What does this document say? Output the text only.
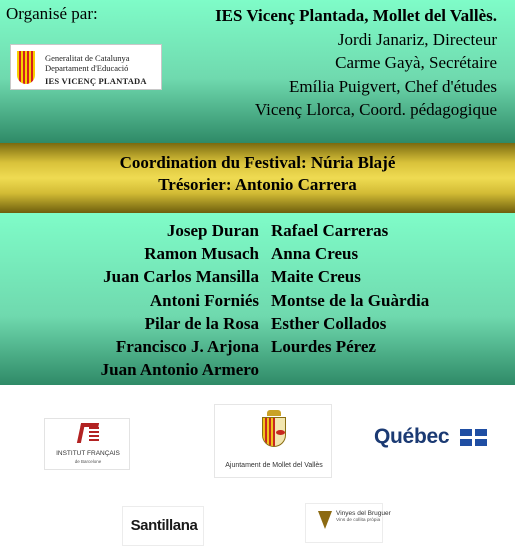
Organisé par:
Generalitat de Catalunya
Departament d'Educació
IES VICENÇ PLANTADA
IES Vicenç Plantada, Mollet del Vallès.
Jordi Janariz, Directeur
Carme Gayà, Secrétaire
Emília Puigvert, Chef d'études
Vicenç Llorca, Coord. pédagogique
Coordination du Festival: Núria Blajé
Trésorier: Antonio Carrera
Josep Duran
Ramon Musach
Juan Carlos Mansilla
Antoni Forniés
Pilar de la Rosa
Francisco J. Arjona
Juan Antonio Armero
Rafael Carreras
Anna Creus
Maite Creus
Montse de la Guàrdia
Esther Collados
Lourdes Pérez
INSTITUT FRANÇAIS
de Barcelone
Ajuntament de Mollet del Vallès
Québec
Santillana
Vinyes del Bruguer
Vins de collita pròpia
